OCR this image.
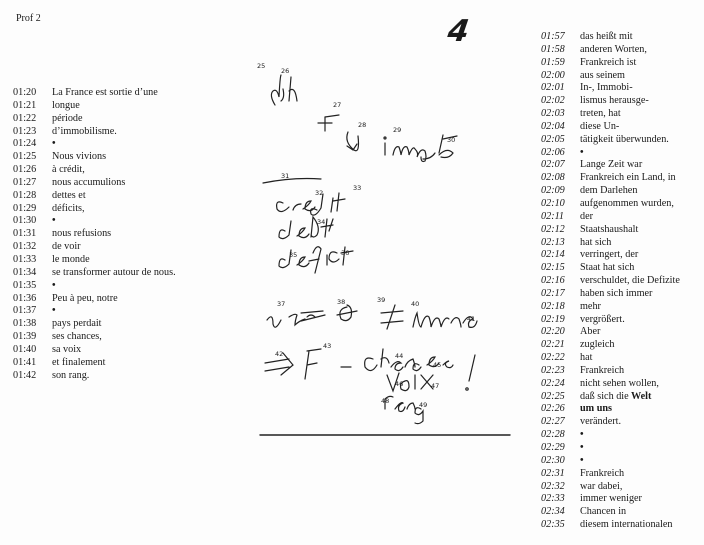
Prof 2	4
01:20 La France est sortie d’une
01:21 longue
01:22 période
01:23 d’immobilisme.
01:24 •
01:25 Nous vivions
01:26 à crédit,
01:27 nous accumulions
01:28 dettes et
01:29 déficits,
01:30 •
01:31 nous refusions
01:32 de voir
01:33 le monde
01:34 se transformer autour de nous.
01:35 •
01:36 Peu à peu, notre
01:37 •
01:38 pays perdait
01:39 ses chances,
01:40 sa voix
01:41 et finalement
01:42 son rang.
25
26
27
28
29
30
31
32
33
34
35	36
37	38	39	40
41
42
43
44
45
46	47
48	49
01:57 das heißt mit
01:58 anderen Worten,
01:59 Frankreich ist
02:00 aus seinem
02:01 In-, Immobi-
02:02 lismus herausge-
02:03 treten, hat
02:04 diese Un-
02:05 tätigkeit überwunden.
02:06 •
02:07 Lange Zeit war
02:08 Frankreich ein Land, in
02:09 dem Darlehen
02:10 aufgenommen wurden,
02:11 der
02:12 Staatshaushalt
02:13 hat sich
02:14 verringert, der
02:15 Staat hat sich
02:16 verschuldet, die Defizite
02:17 haben sich immer
02:18 mehr
02:19 vergrößert.
02:20 Aber
02:21 zugleich
02:22 hat
02:23 Frankreich
02:24 nicht sehen wollen,
02:25 daß sich die Welt
02:26 um uns
02:27 verändert.
02:28 •
02:29 •
02:30 •
02:31 Frankreich
02:32 war dabei,
02:33 immer weniger
02:34 Chancen in
02:35 diesem internationalen
